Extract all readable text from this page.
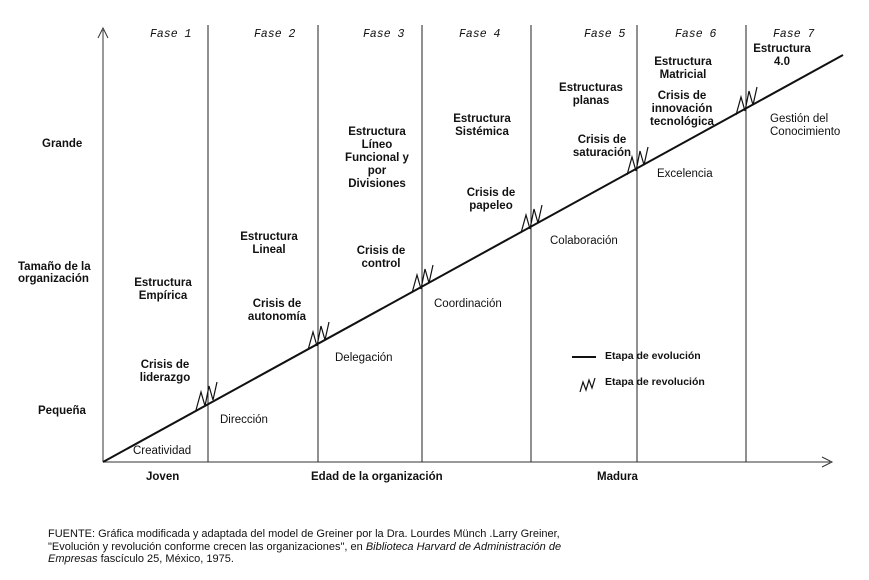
Grande
Tamaño de la
organización
Pequeña
Joven	Edad de la organización	Madura
Fase 1	Fase 2	Fase 3	Fase 4	Fase 5	Fase 6	Fase 7
Estructura
Empírica
Estructura
Lineal
Estructura
Líneo
Funcional y
por
Divisiones
Estructura
Sistémica
Estructuras
planas
Estructura
Matricial
Estructura
4.0
Crisis de
liderazgo
Crisis de
autonomía
Crisis de
control
Crisis de
papeleo
Crisis de
saturación
Crisis de
innovación
tecnológica
Creatividad
Dirección
Delegación
Coordinación
Colaboración
Excelencia
Gestión del
Conocimiento
Etapa de evolución
Etapa de revolución
FUENTE: Gráfica modificada y adaptada del model de Greiner por la Dra. Lourdes Münch .Larry Greiner,
"Evolución y revolución conforme crecen las organizaciones", en Biblioteca Harvard de Administración de
Empresas fascículo 25, México, 1975.
